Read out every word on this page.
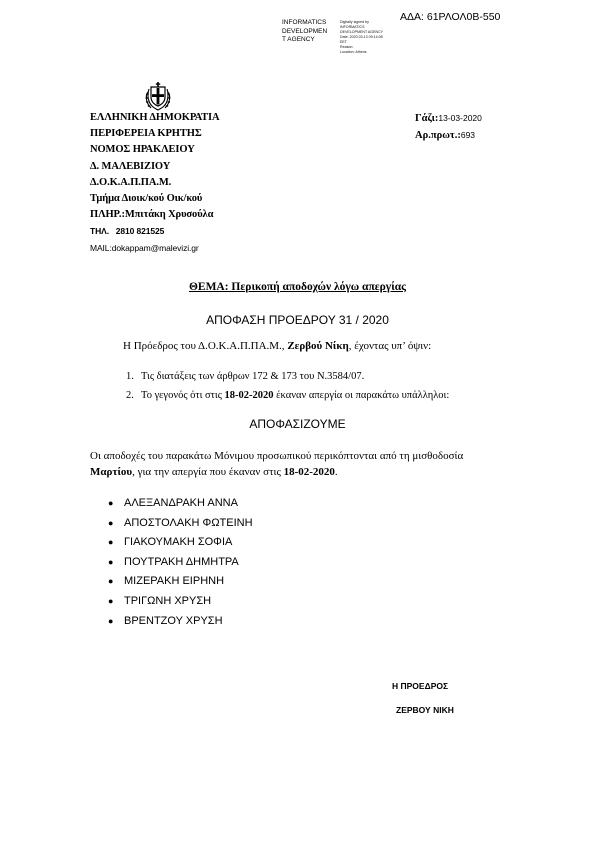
ΑΔΑ: 61ΡΛΟΛ0Β-550
INFORMATICS
DEVELOPMEN
T AGENCY
Digitally signed by
INFORMATICS
DEVELOPMENT AGENCY
Date: 2020.03.13 09:14:08
EET
Reason:
Location: Athens
ΕΛΛΗΝΙΚΗ ΔΗΜΟΚΡΑΤΙΑ
ΠΕΡΙΦΕΡΕΙΑ ΚΡΗΤΗΣ
ΝΟΜΟΣ ΗΡΑΚΛΕΙΟΥ
Δ. ΜΑΛΕΒΙΖΙΟΥ
Δ.Ο.Κ.Α.Π.ΠΑ.Μ.
Τμήμα Διοικ/κού Οικ/κού
ΠΛΗΡ.:Μπιτάκη Χρυσούλα
ΤΗΛ. 2810 821525
MAIL:dokappam@malevizi.gr
Γάζι:13-03-2020
Αρ.πρωτ.:693
ΘΕΜΑ: Περικοπή αποδοχών λόγω απεργίας
ΑΠΟΦΑΣΗ ΠΡΟΕΔΡΟΥ 31 / 2020
Η Πρόεδρος του Δ.Ο.Κ.Α.Π.ΠΑ.Μ., Ζερβού Νίκη, έχοντας υπ’ όψιν:
1. Τις διατάξεις των άρθρων 172 & 173 του Ν.3584/07.
2. Το γεγονός ότι στις 18-02-2020 έκαναν απεργία οι παρακάτω υπάλληλοι:
ΑΠΟΦΑΣΙΖΟΥΜΕ
Οι αποδοχές του παρακάτω Μόνιμου προσωπικού περικόπτονται από τη μισθοδοσία Μαρτίου, για την απεργία που έκαναν στις 18-02-2020.
● ΑΛΕΞΑΝΔΡΑΚΗ ΑΝΝΑ
● ΑΠΟΣΤΟΛΑΚΗ ΦΩΤΕΙΝΗ
● ΓΙΑΚΟΥΜΑΚΗ ΣΟΦΙΑ
● ΠΟΥΤΡΑΚΗ ΔΗΜΗΤΡΑ
● ΜΙΖΕΡΑΚΗ ΕΙΡΗΝΗ
● ΤΡΙΓΩΝΗ ΧΡΥΣΗ
● ΒΡΕΝΤΖΟΥ ΧΡΥΣΗ
Η ΠΡΟΕΔΡΟΣ
ΖΕΡΒΟΥ ΝΙΚΗ
